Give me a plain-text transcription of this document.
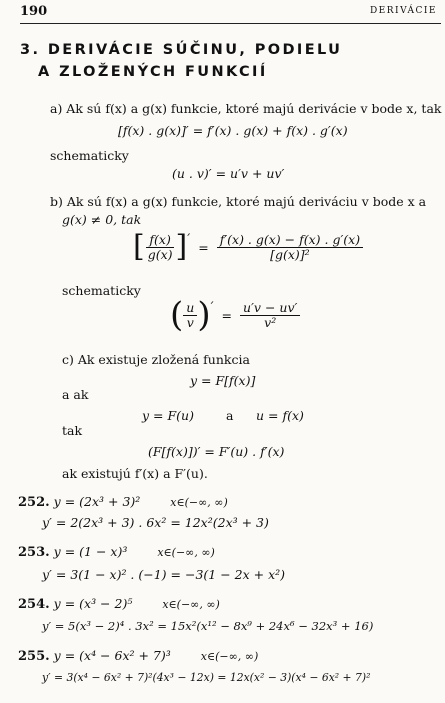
190	DERIVÁCIE
3. DERIVÁCIE SÚČINU, PODIELU
A ZLOŽENÝCH FUNKCIÍ
a) Ak sú f(x) a g(x) funkcie, ktoré majú derivácie v bode x, tak
[f(x) . g(x)]′ = f′(x) . g(x) + f(x) . g′(x)
schematicky
(u . v)′ = u′v + uv′
b) Ak sú f(x) a g(x) funkcie, ktoré majú deriváciu v bode x a
g(x) ≠ 0, tak
[ $\frac{f(x)}{g(x)}$ ] ′ = $\frac{f'(x) . g(x) - f(x) . g'(x)}{\text{[g(x)]²}}$
schematicky
( $\frac{u}{v}$ ) ′ = $\frac{u'v - uv'}{\text{v²}}$
c) Ak existuje zložená funkcia
y = F[f(x)]
a ak
y = F(u)	a u = f(x)
tak
(F[f(x)])′ = F′(u) . f′(x)
ak existujú f′(x) a F′(u).
252. y = (2x³ + 3)²	x∈(−∞, ∞)
y′ = 2(2x³ + 3) . 6x² = 12x²(2x³ + 3)
253. y = (1 − x)³	x∈(−∞, ∞)
y′ = 3(1 − x)² . (−1) = −3(1 − 2x + x²)
254. y = (x³ − 2)⁵	x∈(−∞, ∞)
y′ = 5(x³ − 2)⁴ . 3x² = 15x²(x¹² − 8x⁹ + 24x⁶ − 32x³ + 16)
255. y = (x⁴ − 6x² + 7)³	x∈(−∞, ∞)
y′ = 3(x⁴ − 6x² + 7)²(4x³ − 12x) = 12x(x² − 3)(x⁴ − 6x² + 7)²
